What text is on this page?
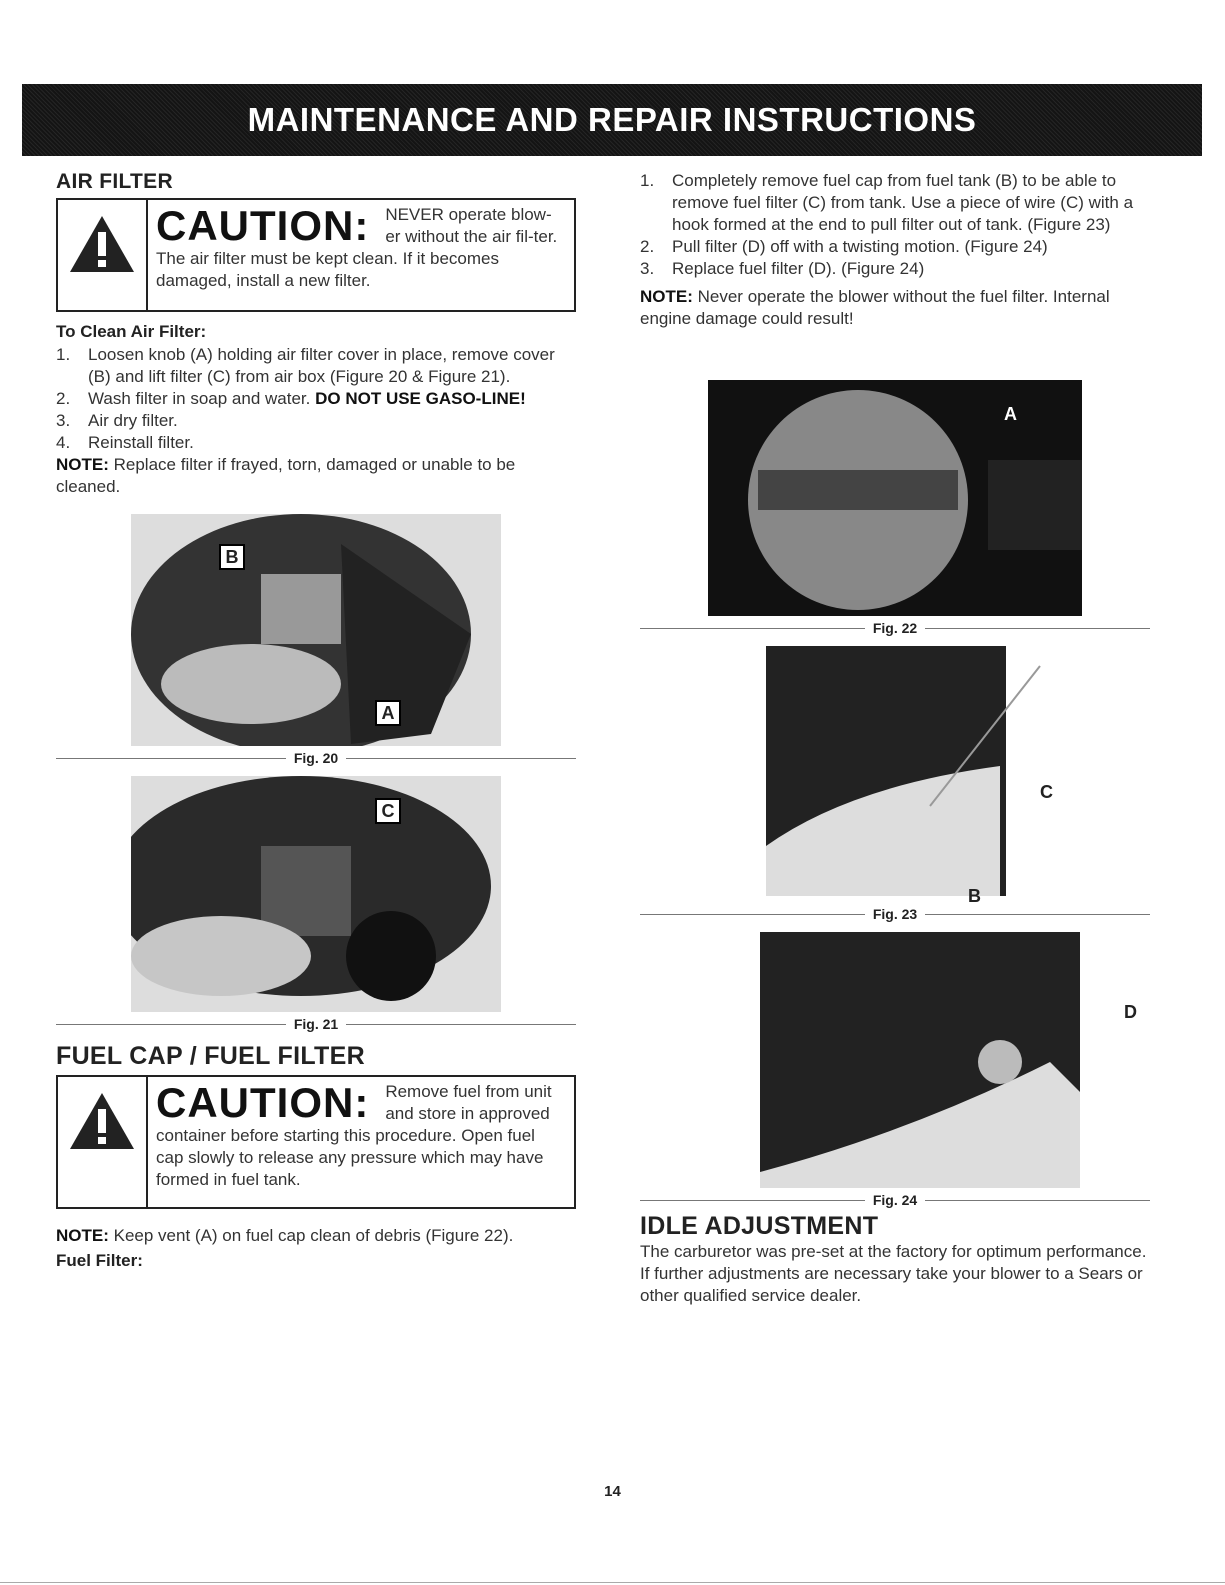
MAINTENANCE AND REPAIR INSTRUCTIONS
AIR FILTER
CAUTION: NEVER operate blow-er without the air fil-ter. The air filter must be kept clean. If it becomes damaged, install a new filter.
To Clean Air Filter:
1.	Loosen knob (A) holding air filter cover in place, remove cover (B) and lift filter (C) from air box (Figure 20 & Figure 21).
2.	Wash filter in soap and water. DO NOT USE GASO-LINE!
3.	Air dry filter.
4.	Reinstall filter.

NOTE: Replace filter if frayed, torn, damaged or unable to be cleaned.

B
A
Fig. 20
C
Fig. 21
FUEL CAP / FUEL FILTER
CAUTION: Remove fuel from unit and store in approved container before starting this procedure. Open fuel cap slowly to release any pressure which may have formed in fuel tank.

NOTE: Keep vent (A) on fuel cap clean of debris (Figure 22).

Fuel Filter:
1.	Completely remove fuel cap from fuel tank (B) to be able to remove fuel filter (C) from tank. Use a piece of wire (C) with a hook formed at the end to pull filter out of tank. (Figure 23)
2.	Pull filter (D) off with a twisting motion. (Figure 24)
3.	Replace fuel filter (D). (Figure 24)

NOTE: Never operate the blower without the fuel filter. Internal engine damage could result!

A
Fig. 22
C
B
Fig. 23
D
Fig. 24
IDLE ADJUSTMENT

The carburetor was pre-set at the factory for optimum performance. If further adjustments are necessary take your blower to a Sears or other qualified service dealer.

14
